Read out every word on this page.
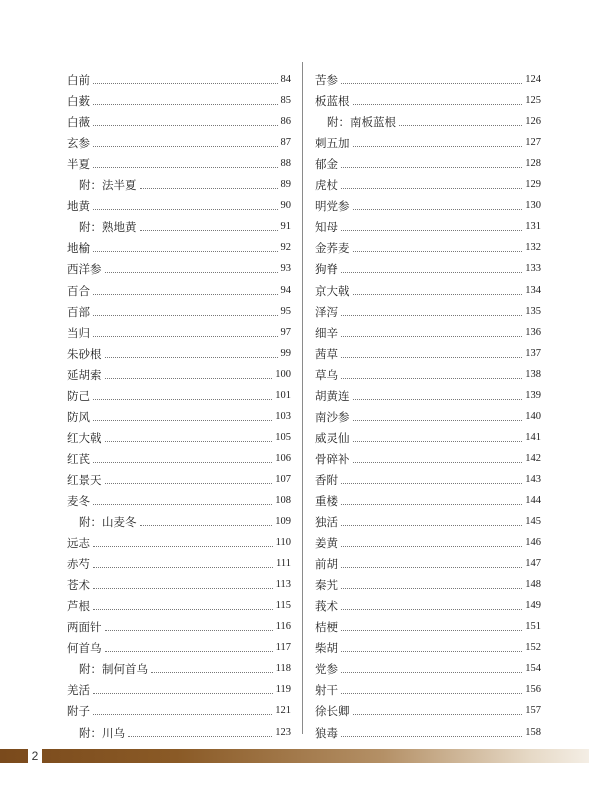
白前	84
白薮	85
白薇	86
玄参	87
半夏	88
附：法半夏	89
地黄	90
附：熟地黄	91
地榆	92
西洋参	93
百合	94
百部	95
当归	97
朱砂根	99
延胡索	100
防己	101
防风	103
红大戟	105
红芪	106
红景天	107
麦冬	108
附：山麦冬	109
远志	110
赤芍	111
苍术	113
芦根	115
两面针	116
何首乌	117
附：制何首乌	118
羌活	119
附子	121
附：川乌	123
苦参	124
板蓝根	125
附：南板蓝根	126
刺五加	127
郁金	128
虎杖	129
明党参	130
知母	131
金荞麦	132
狗脊	133
京大戟	134
泽泻	135
细辛	136
茜草	137
草乌	138
胡黄连	139
南沙参	140
威灵仙	141
骨碎补	142
香附	143
重楼	144
独活	145
姜黄	146
前胡	147
秦艽	148
莪术	149
桔梗	151
柴胡	152
党参	154
射干	156
徐长卿	157
狼毒	158
2
